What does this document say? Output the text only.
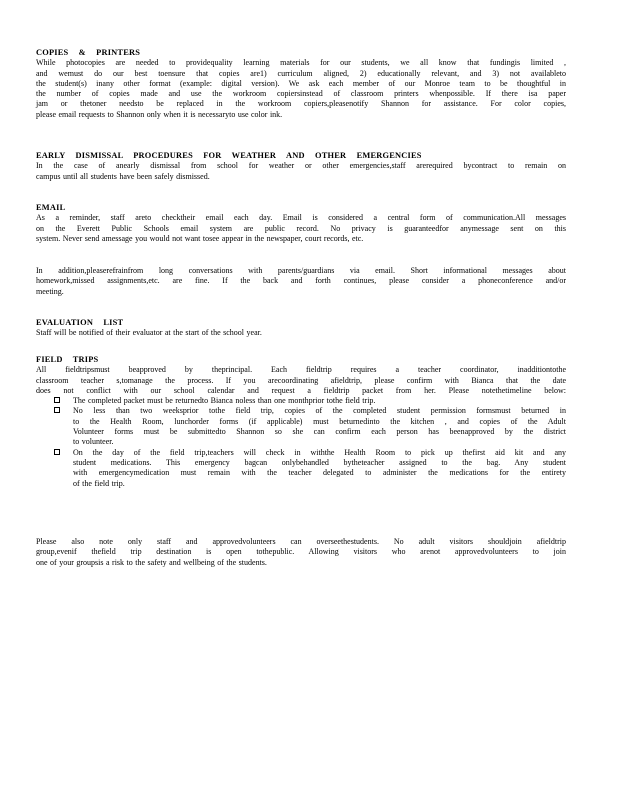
COPIES & PRINTERS

While photocopies are needed to providequality learning materials for our students, we all know that fundingis limited ,

and wemust do our best toensure that copies are1) curriculum aligned, 2) educationally relevant, and 3) not availableto

the student(s) inany other format (example: digital version). We ask each member of our Monroe team to be thoughtful in

the number of copies made and use the workroom copiersinstead of classroom printers whenpossible. If there isa paper

jam or thetoner needsto be replaced in the workroom copiers,pleasenotify Shannon for assistance. For color copies,

please email requests to Shannon only when it is necessaryto use color ink.

EARLY DISMISSAL PROCEDURES FOR WEATHER AND OTHER EMERGENCIES

In the case of anearly dismissal from school for weather or other emergencies,staff arerequired bycontract to remain on

campus until all students have been safely dismissed.

EMAIL

As a reminder, staff areto checktheir email each day. Email is considered a central form of communication.All messages

on the Everett Public Schools email system are public record. No privacy is guaranteedfor anymessage sent on this

system. Never send amessage you would not want tosee appear in the newspaper, court records, etc.

In addition,pleaserefrainfrom long conversations with parents/guardians via email. Short informational messages about

homework,missed assignments,etc. are fine. If the back and forth continues, please consider a phoneconference and/or

meeting.

EVALUATION LIST

Staff will be notified of their evaluator at the start of the school year.

FIELD TRIPS

All fieldtripsmust beapproved by theprincipal. Each fieldtrip requires a teacher coordinator, inadditiontothe

classroom teacher s,tomanage the process. If you arecoordinating afieldtrip, please confirm with Bianca that the date

does not conflict with our school calendar and request a fieldtrip packet from her. Please notethetimeline below:

The completed packet must be returnedto Bianca noless than one monthprior tothe field trip.

No less than two weeksprior tothe field trip, copies of the completed student permission formsmust beturned in

to the Health Room, lunchorder forms (if applicable) must beturnedinto the kitchen , and copies of the Adult

Volunteer forms must be submittedto Shannon so she can confirm each person has beenapproved by the district

to volunteer.

On the day of the field trip,teachers will check in withthe Health Room to pick up thefirst aid kit and any

student medications. This emergency bagcan onlybehandled bytheteacher assigned to the bag. Any student

with emergencymedication must remain with the teacher delegated to administer the medications for the entirety

of the field trip.

Please also note only staff and approvedvolunteers can overseethestudents. No adult visitors shouldjoin afieldtrip

group,evenif thefield trip destination is open tothepublic. Allowing visitors who arenot approvedvolunteers to join

one of your groupsis a risk to the safety and wellbeing of the students.
